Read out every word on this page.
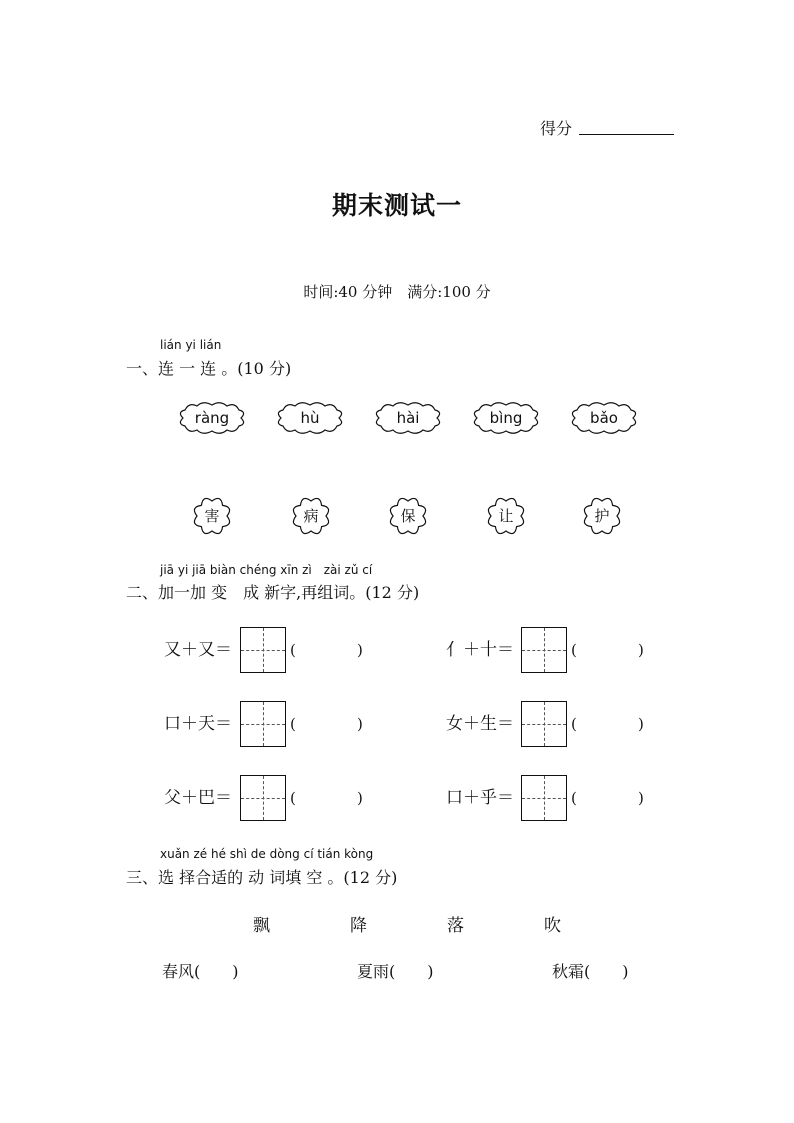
得分
期末测试一
时间:40 分钟　满分:100 分
lián yi lián
一、连 一 连 。(10 分)
ràng	hù	hài	bìng	bǎo
害	病	保	让	护
jiā yi jiā biàn chéng xīn zì　zài zǔ cí
二、加一加 变　成 新字,再组词。(12 分)
又＋又＝	(	)	亻＋十＝	(	)
口＋天＝	(	)	女＋生＝	(	)
父＋巴＝	(	)	口＋乎＝	(	)
xuǎn zé hé shì de dòng cí tián kòng
三、选 择合适的 动 词填 空 。(12 分)
飘	降	落	吹
春风(　　)	夏雨(　　)	秋霜(　　)
